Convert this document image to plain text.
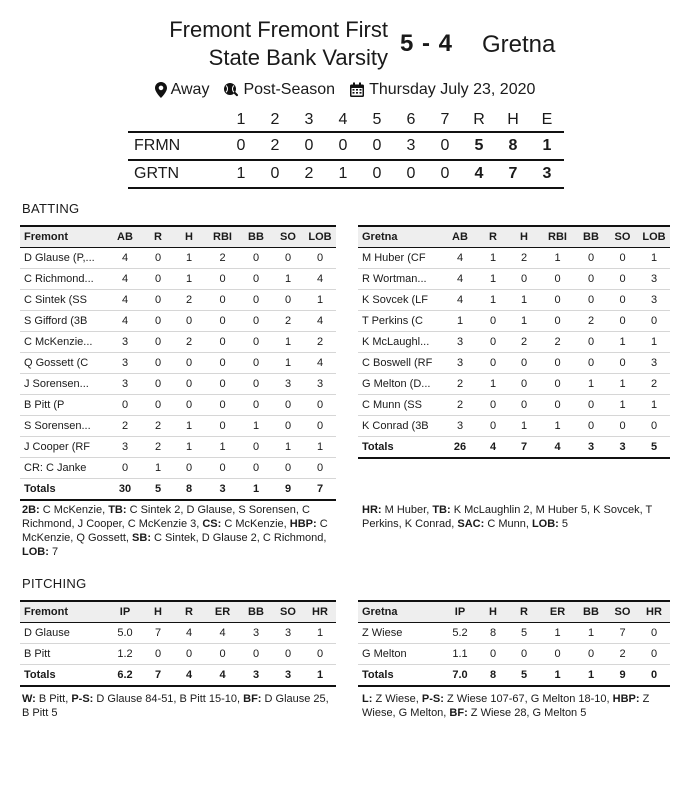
Fremont Fremont First
State Bank Varsity
5 - 4 Gretna
Away Post-Season Thursday July 23, 2020
	1	2	3	4	5	6	7	R	H	E
FRMN	0	2	0	0	0	3	0	5	8	1
GRTN	1	0	2	1	0	0	0	4	7	3
BATTING
Fremont	AB	R	H	RBI	BB	SO	LOB
D Glause (P,...	4	0	1	2	0	0	0
C Richmond...	4	0	1	0	0	1	4
C Sintek (SS	4	0	2	0	0	0	1
S Gifford (3B	4	0	0	0	0	2	4
C McKenzie...	3	0	2	0	0	1	2
Q Gossett (C	3	0	0	0	0	1	4
J Sorensen...	3	0	0	0	0	3	3
B Pitt (P	0	0	0	0	0	0	0
S Sorensen...	2	2	1	0	1	0	0
J Cooper (RF	3	2	1	1	0	1	1
CR: C Janke	0	1	0	0	0	0	0
Totals	30	5	8	3	1	9	7
Gretna	AB	R	H	RBI	BB	SO	LOB
M Huber (CF	4	1	2	1	0	0	1
R Wortman...	4	1	0	0	0	0	3
K Sovcek (LF	4	1	1	0	0	0	3
T Perkins (C	1	0	1	0	2	0	0
K McLaughl...	3	0	2	2	0	1	1
C Boswell (RF	3	0	0	0	0	0	3
G Melton (D...	2	1	0	0	1	1	2
C Munn (SS	2	0	0	0	0	1	1
K Conrad (3B	3	0	1	1	0	0	0
Totals	26	4	7	4	3	3	5
2B: C McKenzie, TB: C Sintek 2, D Glause, S Sorensen, C Richmond, J Cooper, C McKenzie 3, CS: C McKenzie, HBP: C McKenzie, Q Gossett, SB: C Sintek, D Glause 2, C Richmond, LOB: 7
HR: M Huber, TB: K McLaughlin 2, M Huber 5, K Sovcek, T Perkins, K Conrad, SAC: C Munn, LOB: 5
PITCHING
Fremont	IP	H	R	ER	BB	SO	HR
D Glause	5.0	7	4	4	3	3	1
B Pitt	1.2	0	0	0	0	0	0
Totals	6.2	7	4	4	3	3	1
Gretna	IP	H	R	ER	BB	SO	HR
Z Wiese	5.2	8	5	1	1	7	0
G Melton	1.1	0	0	0	0	2	0
Totals	7.0	8	5	1	1	9	0
W: B Pitt, P-S: D Glause 84-51, B Pitt 15-10, BF: D Glause 25, B Pitt 5
L: Z Wiese, P-S: Z Wiese 107-67, G Melton 18-10, HBP: Z Wiese, G Melton, BF: Z Wiese 28, G Melton 5
